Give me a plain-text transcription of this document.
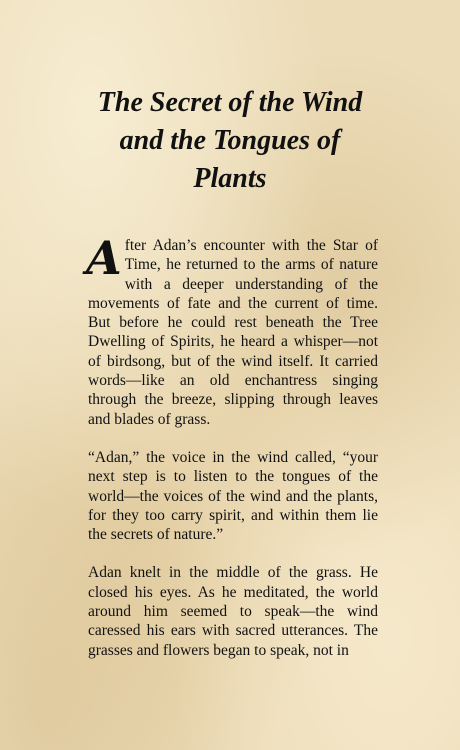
The Secret of the Wind
and the Tongues of
Plants

After Adan’s encounter with the Star of Time, he returned to the arms of nature with a deeper understanding of the movements of fate and the current of time. But before he could rest beneath the Tree Dwelling of Spirits, he heard a whisper—not of birdsong, but of the wind itself. It carried words—like an old enchantress singing through the breeze, slipping through leaves and blades of grass.

“Adan,” the voice in the wind called, “your next step is to listen to the tongues of the world—the voices of the wind and the plants, for they too carry spirit, and within them lie the secrets of nature.”

Adan knelt in the middle of the grass. He closed his eyes. As he meditated, the world around him seemed to speak—the wind caressed his ears with sacred utterances. The grasses and flowers began to speak, not in
